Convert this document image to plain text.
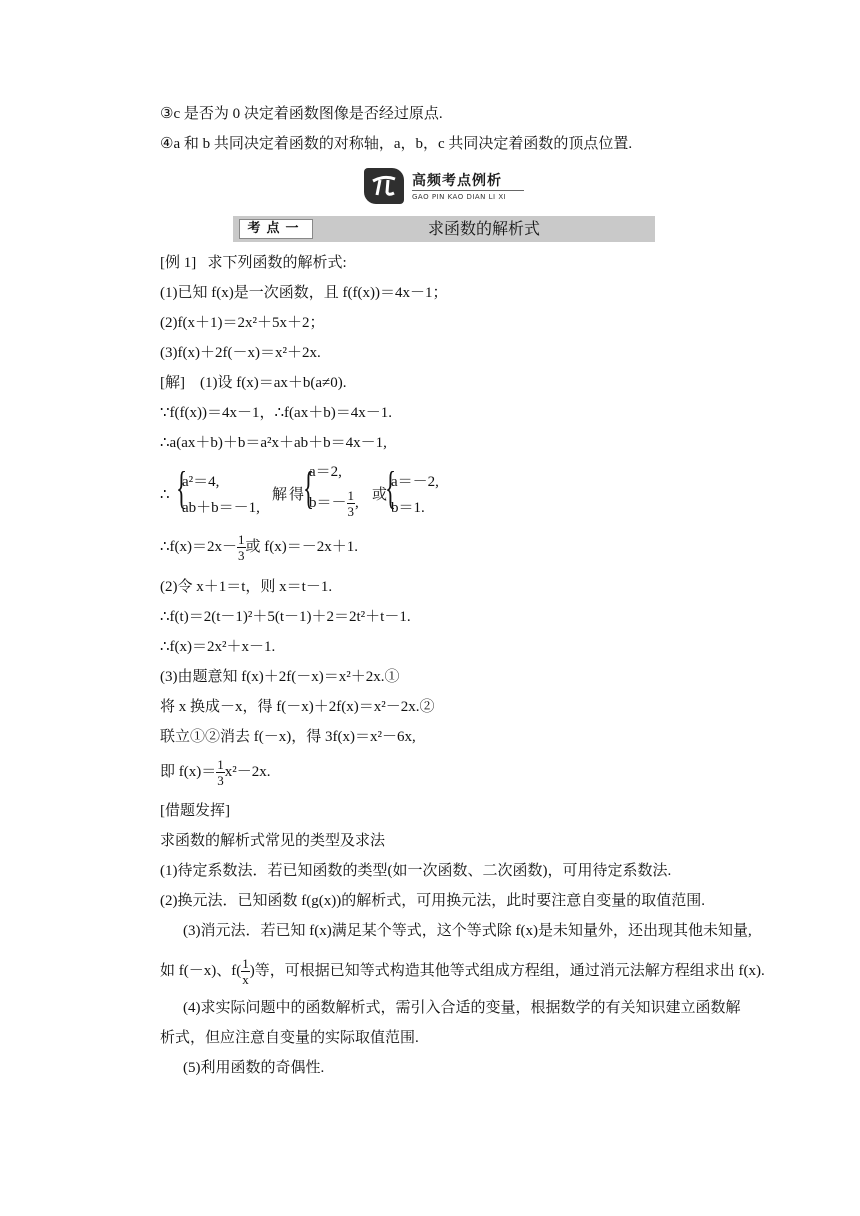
③c 是否为 0 决定着函数图像是否经过原点.
④a 和 b 共同决定着函数的对称轴，a，b，c 共同决定着函数的顶点位置.
高频考点例析
GAO PIN KAO DIAN LI XI
考点一	求函数的解析式
[例 1] 求下列函数的解析式:
(1)已知 f(x)是一次函数，且 f(f(x))＝4x－1；
(2)f(x＋1)＝2x²＋5x＋2；
(3)f(x)＋2f(－x)＝x²＋2x.
[解]　(1)设 f(x)＝ax＋b(a≠0).
∵f(f(x))＝4x－1，∴f(ax＋b)＝4x－1.
∴a(ax＋b)＋b＝a²x＋ab＋b＝4x－1,
∴ {
a²＝4,
ab＋b＝－1,
解得
{
a＝2,
$b=- \frac{1}{3}$ , 或
{
a＝－2,
b＝1.
∴f(x)＝2x－ $\frac{1}{3}$ 或 f(x)＝－2x＋1.
(2)令 x＋1＝t，则 x＝t－1.
∴f(t)＝2(t－1)²＋5(t－1)＋2＝2t²＋t－1.
∴f(x)＝2x²＋x－1.
(3)由题意知 f(x)＋2f(－x)＝x²＋2x.①
将 x 换成－x，得 f(－x)＋2f(x)＝x²－2x.②
联立①②消去 f(－x)，得 3f(x)＝x²－6x,
即 $f(x)= \frac{1}{3} x^2-2x$.
[借题发挥]
求函数的解析式常见的类型及求法
(1)待定系数法．若已知函数的类型(如一次函数、二次函数)，可用待定系数法.
(2)换元法．已知函数 f(g(x))的解析式，可用换元法，此时要注意自变量的取值范围.
(3)消元法．若已知 f(x)满足某个等式，这个等式除 f(x)是未知量外，还出现其他未知量,
如 f(－x)、$f( \frac{1}{x}$ )等，可根据已知等式构造其他等式组成方程组，通过消元法解方程组求出 f(x).
(4)求实际问题中的函数解析式，需引入合适的变量，根据数学的有关知识建立函数解
析式，但应注意自变量的实际取值范围.
(5)利用函数的奇偶性.
